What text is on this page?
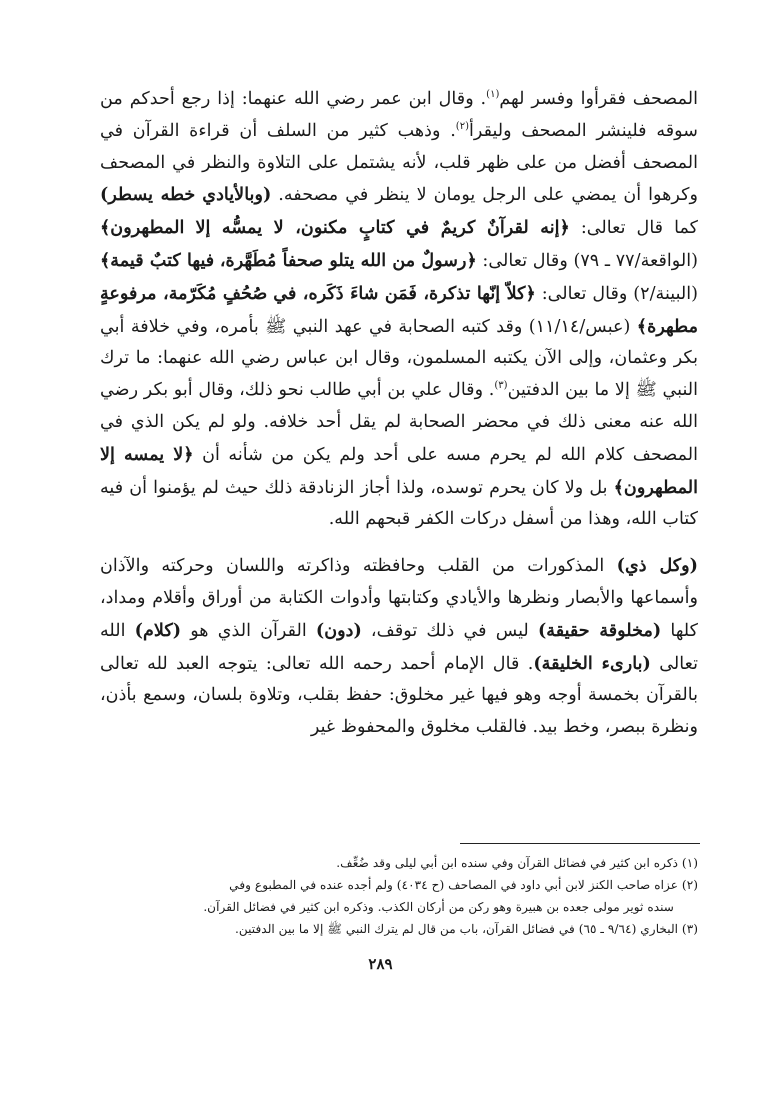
المصحف فقرأوا وفسر لهم$^{(١)}$. وقال ابن عمر رضي الله عنهما: إذا رجع أحدكم من سوقه فلينشر المصحف وليقرأ$^{(٢)}$. وذهب كثير من السلف أن قراءة القرآن في المصحف أفضل من على ظهر قلب، لأنه يشتمل على التلاوة والنظر في المصحف وكرهوا أن يمضي على الرجل يومان لا ينظر في مصحفه. (وبالأيادي خطه يسطر) كما قال تعالى: ﴿إنه لقرآنٌ كريمٌ في كتابٍ مكنون، لا يمسُّه إلا المطهرون﴾ (الواقعة/٧٧ ـ ٧٩) وقال تعالى: ﴿رسولٌ من الله يتلو صحفاً مُطَهَّرة، فيها كتبٌ قيمة﴾ (البينة/٢) وقال تعالى: ﴿كلاّ إنّها تذكرة، فَمَن شاءَ ذَكَره، في صُحُفٍ مُكَرّمة، مرفوعةٍ مطهرة﴾ (عبس/١١/١٤) وقد كتبه الصحابة في عهد النبي ﷺ بأمره، وفي خلافة أبي بكر وعثمان، وإلى الآن يكتبه المسلمون، وقال ابن عباس رضي الله عنهما: ما ترك النبي ﷺ إلا ما بين الدفتين$^{(٣)}$. وقال علي بن أبي طالب نحو ذلك، وقال أبو بكر رضي الله عنه معنى ذلك في محضر الصحابة لم يقل أحد خلافه. ولو لم يكن الذي في المصحف كلام الله لم يحرم مسه على أحد ولم يكن من شأنه أن ﴿لا يمسه إلا المطهرون﴾ بل ولا كان يحرم توسده، ولذا أجاز الزنادقة ذلك حيث لم يؤمنوا أن فيه كتاب الله، وهذا من أسفل دركات الكفر قبحهم الله.

(وكل ذي) المذكورات من القلب وحافظته وذاكرته واللسان وحركته والآذان وأسماعها والأبصار ونظرها والأيادي وكتابتها وأدوات الكتابة من أوراق وأقلام ومداد، كلها (مخلوقة حقيقة) ليس في ذلك توقف، (دون) القرآن الذي هو (كلام) الله تعالى (بارىء الخليقة). قال الإمام أحمد رحمه الله تعالى: يتوجه العبد لله تعالى بالقرآن بخمسة أوجه وهو فيها غير مخلوق: حفظ بقلب، وتلاوة بلسان، وسمع بأذن، ونظرة ببصر، وخط بيد. فالقلب مخلوق والمحفوظ غير

(١) ذكره ابن كثير في فضائل القرآن وفي سنده ابن أبي ليلى وقد ضُعِّف.

(٢) عزاه صاحب الكنز لابن أبي داود في المصاحف (ح ٤٠٣٤) ولم أجده عنده في المطبوع وفي

سنده ثوير مولى جعده بن هبيرة وهو ركن من أركان الكذب. وذكره ابن كثير في فضائل القرآن.

(٣) البخاري (٩/٦٤ ـ ٦٥) في فضائل القرآن، باب من قال لم يترك النبي ﷺ إلا ما بين الدفتين.

٢٨٩
